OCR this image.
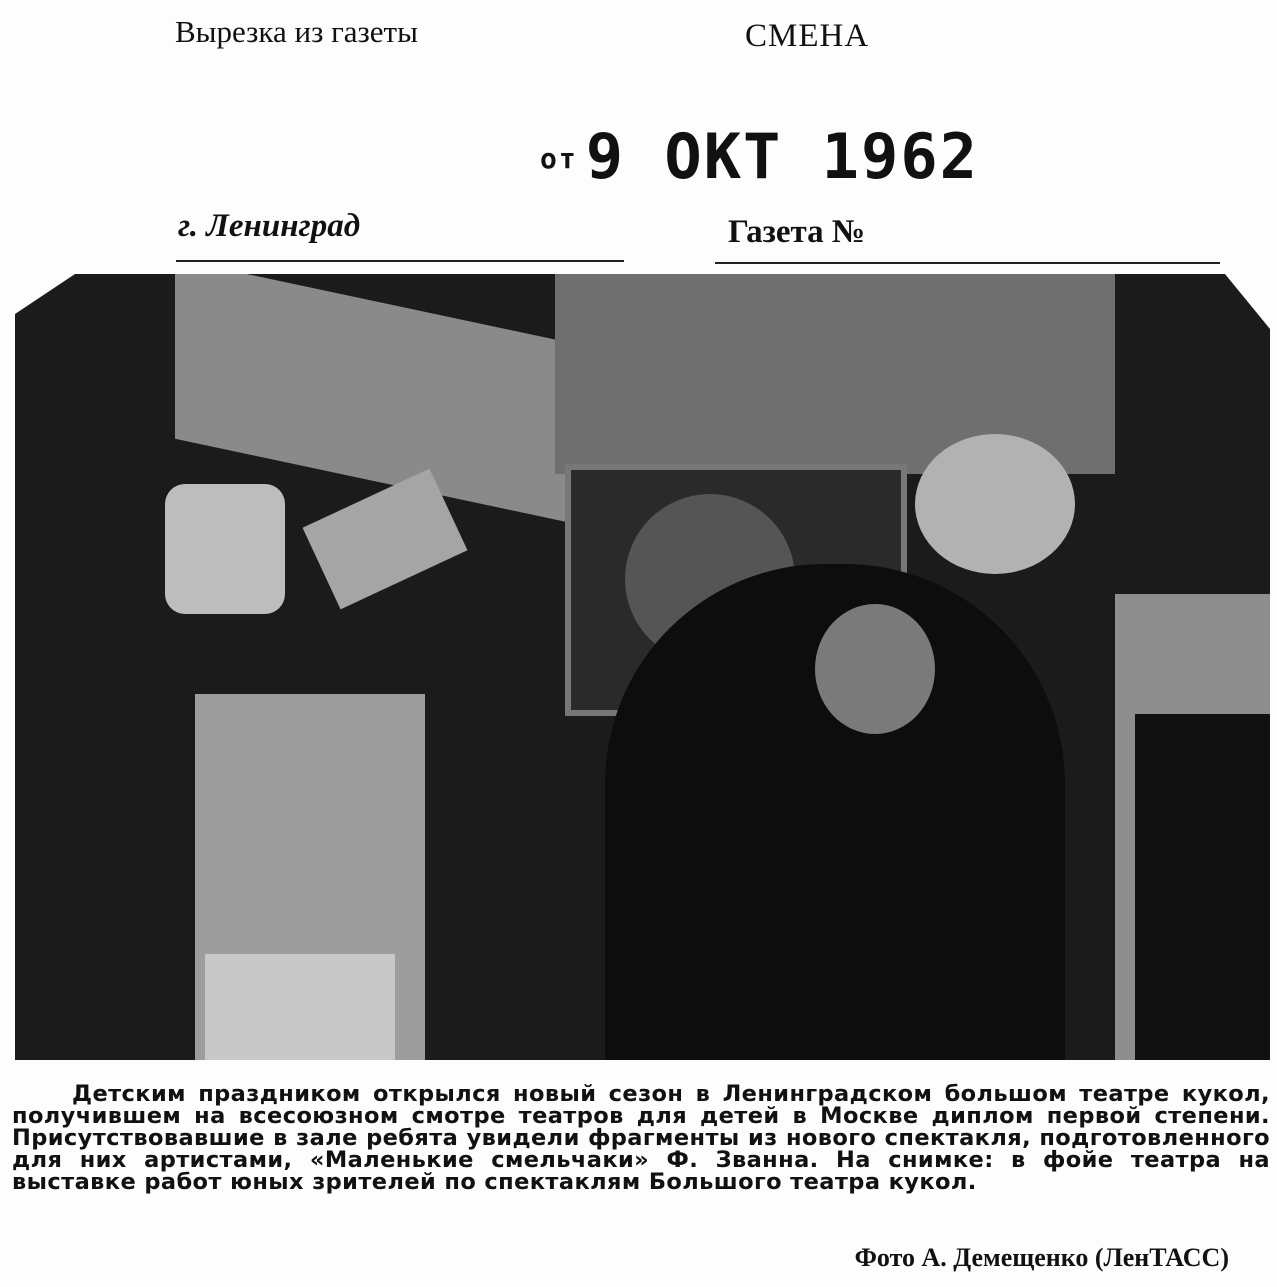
Вырезка из газеты	СМЕНА
от 9 ОКТ 1962
г. Ленинград	Газета №

Детским праздником открылся новый сезон в Ленинградском большом театре кукол, получившем на всесоюзном смотре театров для детей в Москве диплом первой степени. Присутствовавшие в зале ребята увидели фрагменты из нового спектакля, подготовленного для них артистами, «Маленькие смельчаки» Ф. Званна. На снимке: в фойе театра на выставке работ юных зрителей по спектаклям Большого театра кукол.

Фото А. Демещенко (ЛенТАСС)
